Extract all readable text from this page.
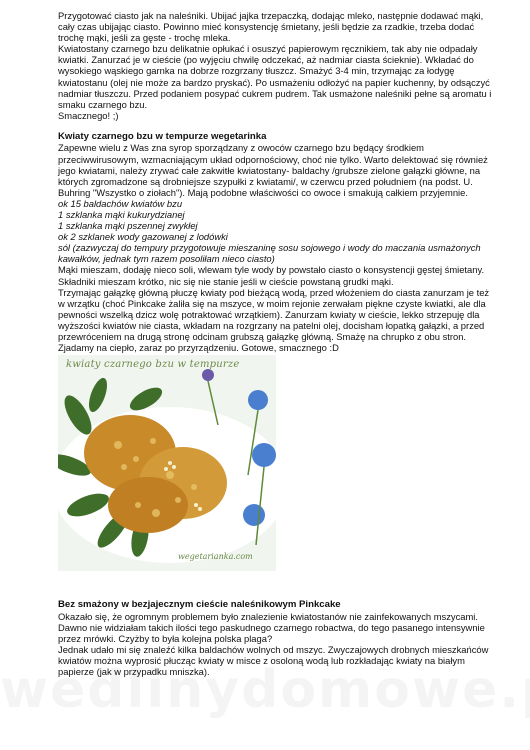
Przygotować ciasto jak na naleśniki. Ubijać jajka trzepaczką, dodając mleko, następnie dodawać mąki, cały czas ubijając ciasto. Powinno mieć konsystencję śmietany, jeśli będzie za rzadkie, trzeba dodać trochę mąki, jeśli za gęste - trochę mleka.

Kwiatostany czarnego bzu delikatnie opłukać i osuszyć papierowym ręcznikiem, tak aby nie odpadały kwiatki. Zanurzać je w cieście (po wyjęciu chwilę odczekać, aż nadmiar ciasta ścieknie). Wkładać do wysokiego wąskiego garnka na dobrze rozgrzany tłuszcz. Smażyć 3-4 min, trzymając za łodygę kwiatostanu (olej nie może za bardzo pryskać). Po usmażeniu odłożyć na papier kuchenny, by odsączyć nadmiar tłuszczu. Przed podaniem posypać cukrem pudrem. Tak usmażone naleśniki pełne są aromatu i smaku czarnego bzu.

Smacznego! ;)

Kwiaty czarnego bzu w tempurze wegetarinka

Zapewne wielu z Was zna syrop sporządzany z owoców czarnego bzu będący środkiem przeciwwirusowym, wzmacniającym układ odpornościowy, choć nie tylko. Warto delektować się również jego kwiatami, należy zrywać całe zakwitłe kwiatostany- baldachy /grubsze zielone gałązki główne, na których zgromadzone są drobniejsze szypułki z kwiatami/, w czerwcu przed południem (na podst. U. Buhring "Wszystko o ziołach"). Mają podobne właściwości co owoce i smakują całkiem przyjemnie.

ok 15 baldachów kwiatów bzu

1 szklanka mąki kukurydzianej

1 szklanka mąki pszennej zwykłej

ok 2 szklanek wody gazowanej z lodówki

sól (zazwyczaj do tempury przygotowuje mieszaninę sosu sojowego i wody do maczania usmażonych kawałków, jednak tym razem posoliłam nieco ciasto)

Mąki mieszam, dodaję nieco soli, wlewam tyle wody by powstało ciasto o konsystencji gęstej śmietany. Składniki mieszam krótko, nic się nie stanie jeśli w cieście powstaną grudki mąki.

Trzymając gałązkę główną płuczę kwiaty pod bieżącą wodą, przed włożeniem do ciasta zanurzam je też w wrzątku (choć Pinkcake żaliła się na mszyce, w moim rejonie zerwałam piękne czyste kwiatki, ale dla pewności wszelką dzicz wolę potraktować wrzątkiem). Zanurzam kwiaty w cieście, lekko strzepuję dla wyższości kwiatów nie ciasta, wkładam na rozgrzany na patelni olej, docisham łopatką gałązki, a przed przewróceniem na drugą stronę odcinam grubszą gałązkę główną. Smażę na chrupko z obu stron. Zjadamy na ciepło, zaraz po przyrządzeniu. Gotowe, smacznego :D

kwiaty czarnego bzu w tempurze
wegetarianka.com
Bez smażony w bezjajecznym cieście naleśnikowym Pinkcake

Okazało się, że ogromnym problemem było znalezienie kwiatostanów nie zainfekowanych mszycami. Dawno nie widziałam takich ilości tego paskudnego czarnego robactwa, do tego pasanego intensywnie przez mrówki. Czyżby to była kolejna polska plaga?

Jednak udało mi się znaleźć kilka baldachów wolnych od mszyc. Zwyczajowych drobnych mieszkańców kwiatów można wyprosić płucząc kwiaty w misce z osoloną wodą lub rozkładając kwiaty na białym papierze (jak w przypadku mniszka).
